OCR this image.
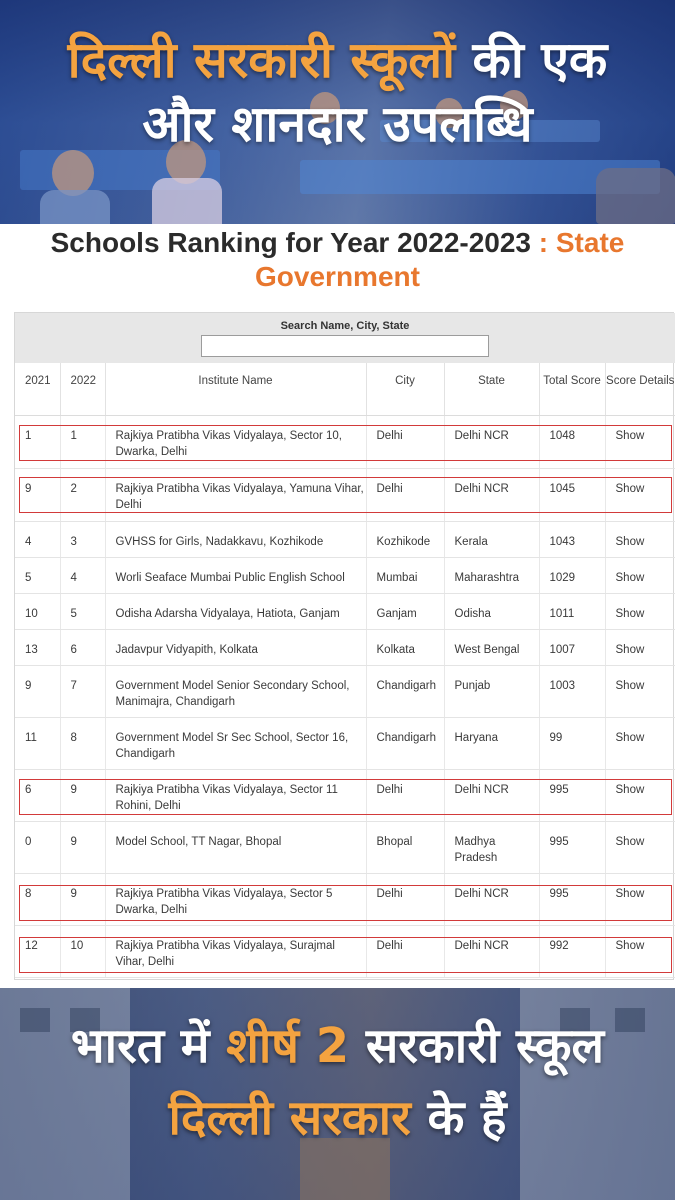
दिल्ली सरकारी स्कूलों की एक
और शानदार उपलब्धि
Schools Ranking for Year 2022-2023 : State Government
Search Name, City, State
2021	2022	Institute Name	City	State	Total Score	Score Details
1	1	Rajkiya Pratibha Vikas Vidyalaya, Sector 10, Dwarka, Delhi	Delhi	Delhi NCR	1048	Show
9	2	Rajkiya Pratibha Vikas Vidyalaya, Yamuna Vihar, Delhi	Delhi	Delhi NCR	1045	Show
4	3	GVHSS for Girls, Nadakkavu, Kozhikode	Kozhikode	Kerala	1043	Show
5	4	Worli Seaface Mumbai Public English School	Mumbai	Maharashtra	1029	Show
10	5	Odisha Adarsha Vidyalaya, Hatiota, Ganjam	Ganjam	Odisha	1011	Show
13	6	Jadavpur Vidyapith, Kolkata	Kolkata	West Bengal	1007	Show
9	7	Government Model Senior Secondary School, Manimajra, Chandigarh	Chandigarh	Punjab	1003	Show
11	8	Government Model Sr Sec School, Sector 16, Chandigarh	Chandigarh	Haryana	99	Show
6	9	Rajkiya Pratibha Vikas Vidyalaya, Sector 11 Rohini, Delhi	Delhi	Delhi NCR	995	Show
0	9	Model School, TT Nagar, Bhopal	Bhopal	Madhya Pradesh	995	Show
8	9	Rajkiya Pratibha Vikas Vidyalaya, Sector 5 Dwarka, Delhi	Delhi	Delhi NCR	995	Show
12	10	Rajkiya Pratibha Vikas Vidyalaya, Surajmal Vihar, Delhi	Delhi	Delhi NCR	992	Show
भारत में शीर्ष 2 सरकारी स्कूल
दिल्ली सरकार के हैं
